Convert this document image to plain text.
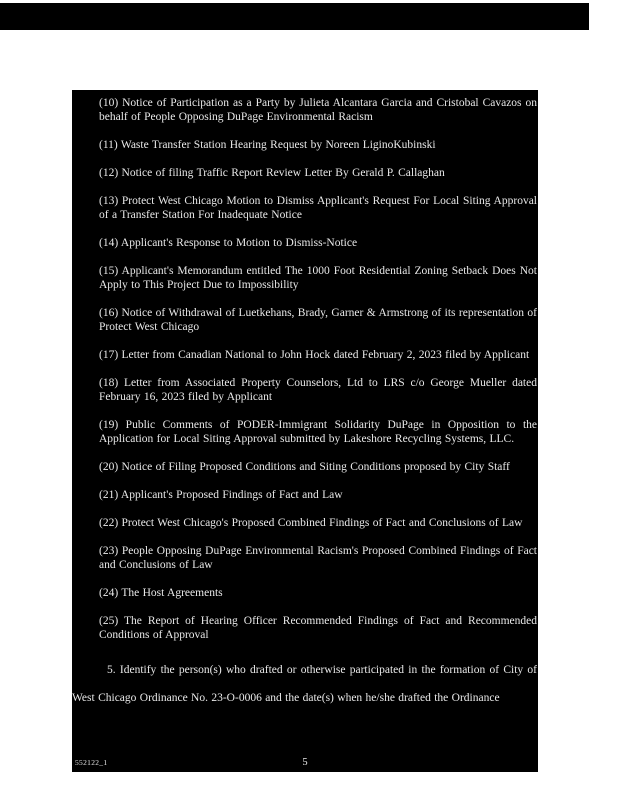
(10) Notice of Participation as a Party by Julieta Alcantara Garcia and Cristobal Cavazos on behalf of People Opposing DuPage Environmental Racism

(11) Waste Transfer Station Hearing Request by Noreen LiginoKubinski

(12) Notice of filing Traffic Report Review Letter By Gerald P. Callaghan

(13) Protect West Chicago Motion to Dismiss Applicant's Request For Local Siting Approval of a Transfer Station For Inadequate Notice

(14) Applicant's Response to Motion to Dismiss-Notice

(15) Applicant's Memorandum entitled The 1000 Foot Residential Zoning Setback Does Not Apply to This Project Due to Impossibility

(16) Notice of Withdrawal of Luetkehans, Brady, Garner & Armstrong of its representation of Protect West Chicago

(17) Letter from Canadian National to John Hock dated February 2, 2023 filed by Applicant

(18) Letter from Associated Property Counselors, Ltd to LRS c/o George Mueller dated February 16, 2023 filed by Applicant

(19) Public Comments of PODER-Immigrant Solidarity DuPage in Opposition to the Application for Local Siting Approval submitted by Lakeshore Recycling Systems, LLC.

(20) Notice of Filing Proposed Conditions and Siting Conditions proposed by City Staff

(21) Applicant's Proposed Findings of Fact and Law

(22) Protect West Chicago's Proposed Combined Findings of Fact and Conclusions of Law

(23) People Opposing DuPage Environmental Racism's Proposed Combined Findings of Fact and Conclusions of Law

(24) The Host Agreements

(25) The Report of Hearing Officer Recommended Findings of Fact and Recommended Conditions of Approval

5. Identify the person(s) who drafted or otherwise participated in the formation of City of West Chicago Ordinance No. 23-O-0006 and the date(s) when he/she drafted the Ordinance

552122_1	5
